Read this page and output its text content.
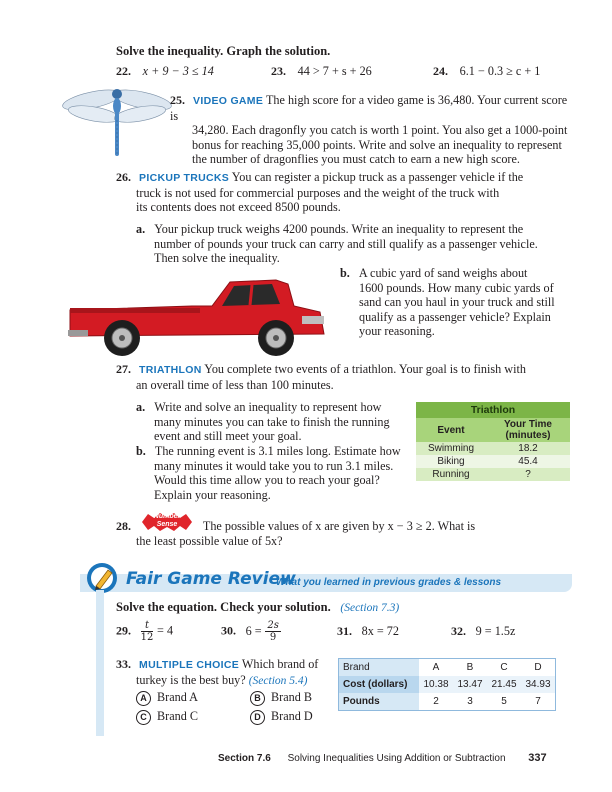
Solve the inequality. Graph the solution.
22. x + 9 − 3 ≤ 14	23. 44 > 7 + s + 26	24. 6.1 − 0.3 ≥ c + 1
25. VIDEO GAME The high score for a video game is 36,480. Your current score is
34,280. Each dragonfly you catch is worth 1 point. You also get a 1000-point
bonus for reaching 35,000 points. Write and solve an inequality to represent
the number of dragonflies you must catch to earn a new high score.
26. PICKUP TRUCKS You can register a pickup truck as a passenger vehicle if the
truck is not used for commercial purposes and the weight of the truck with
its contents does not exceed 8500 pounds.
a. Your pickup truck weighs 4200 pounds. Write an inequality to represent the
number of pounds your truck can carry and still qualify as a passenger vehicle.
Then solve the inequality.
b. A cubic yard of sand weighs about
1600 pounds. How many cubic yards of
sand can you haul in your truck and still
qualify as a passenger vehicle? Explain
your reasoning.
27. TRIATHLON You complete two events of a triathlon. Your goal is to finish with
an overall time of less than 100 minutes.
a. Write and solve an inequality to represent how
many minutes you can take to finish the running
event and still meet your goal.
b. The running event is 3.1 miles long. Estimate how
many minutes it would take you to run 3.1 miles.
Would this time allow you to reach your goal?
Explain your reasoning.
Triathlon
Event	Your Time
(minutes)
Swimming	18.2
Biking	45.4
Running	?
28.	The possible values of x are given by x − 3 ≥ 2. What is
the least possible value of 5x?
Number
Sense
Fair Game Review
What you learned in previous grades & lessons
Solve the equation. Check your solution. (Section 7.3)
29. $\frac{t}{12} = 4$	30. $6 = \frac{2s}{9}$	31. 8x = 72	32. 9 = 1.5z
33. MULTIPLE CHOICE Which brand of
turkey is the best buy? (Section 5.4)
A Brand A	B Brand B
C Brand C	D Brand D
Brand	A	B	C	D
Cost (dollars)	10.38	13.47	21.45	34.93
Pounds	2	3	5	7
Section 7.6 Solving Inequalities Using Addition or Subtraction 337
